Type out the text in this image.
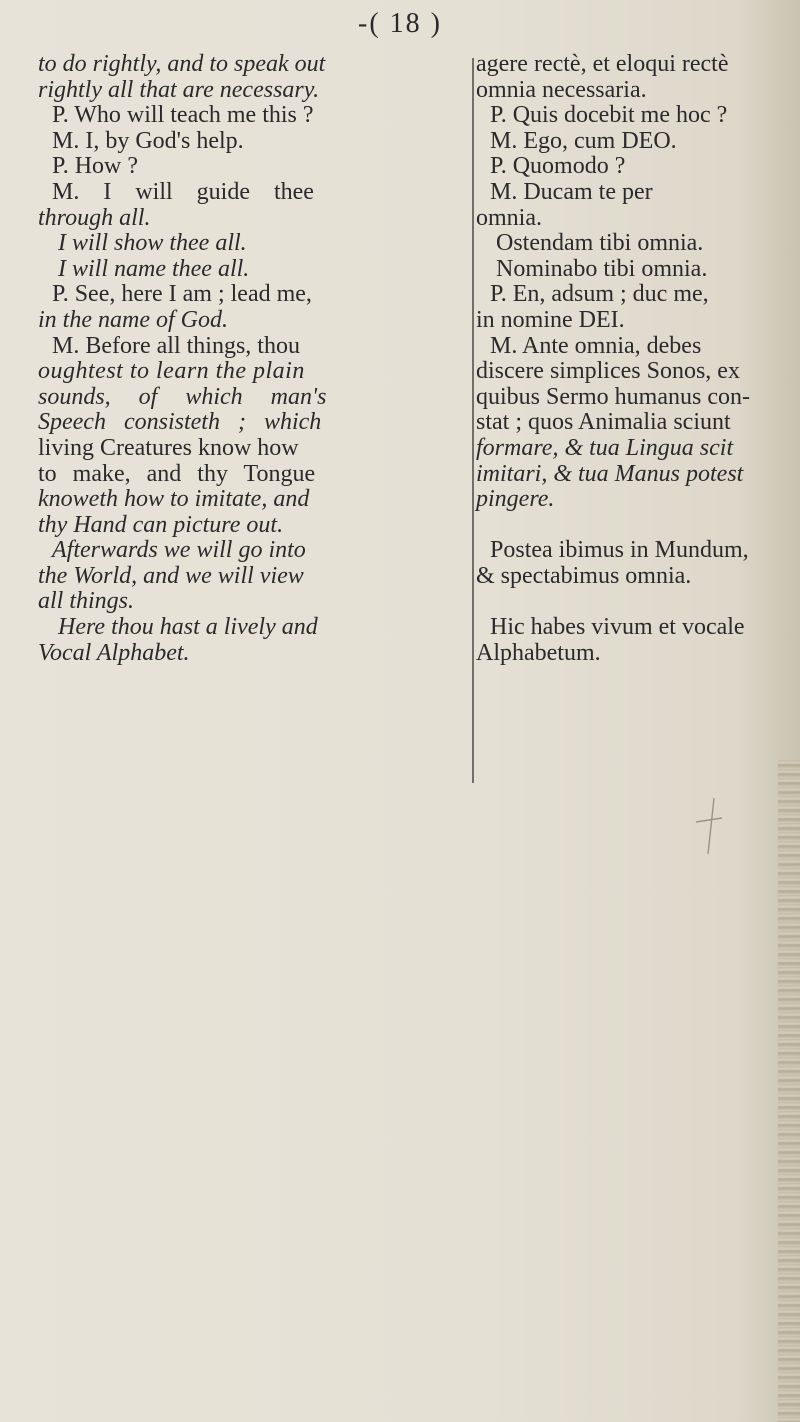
-( 18 )
to do rightly, and to speak out
rightly all that are necessary.
P. Who will teach me this ?
M. I, by God's help.
P. How ?
M. I will guide thee
through all.
I will show thee all.
I will name thee all.
P. See, here I am ; lead me,
in the name of God.
M. Before all things, thou
oughtest to learn the plain
sounds, of which man's
Speech consisteth ; which
living Creatures know how
to make, and thy Tongue
knoweth how to imitate, and
thy Hand can picture out.
Afterwards we will go into
the World, and we will view
all things.
Here thou hast a lively and
Vocal Alphabet.
agere rectè, et eloqui rectè
omnia necessaria.
P. Quis docebit me hoc ?
M. Ego, cum DEO.
P. Quomodo ?
M. Ducam te per
omnia.
Ostendam tibi omnia.
Nominabo tibi omnia.
P. En, adsum ; duc me,
in nomine DEI.
M. Ante omnia, debes
discere simplices Sonos, ex
quibus Sermo humanus con-
stat ; quos Animalia sciunt
formare, & tua Lingua scit
imitari, & tua Manus potest
pingere.
Postea ibimus in Mundum,
& spectabimus omnia.
Hic habes vivum et vocale
Alphabetum.
